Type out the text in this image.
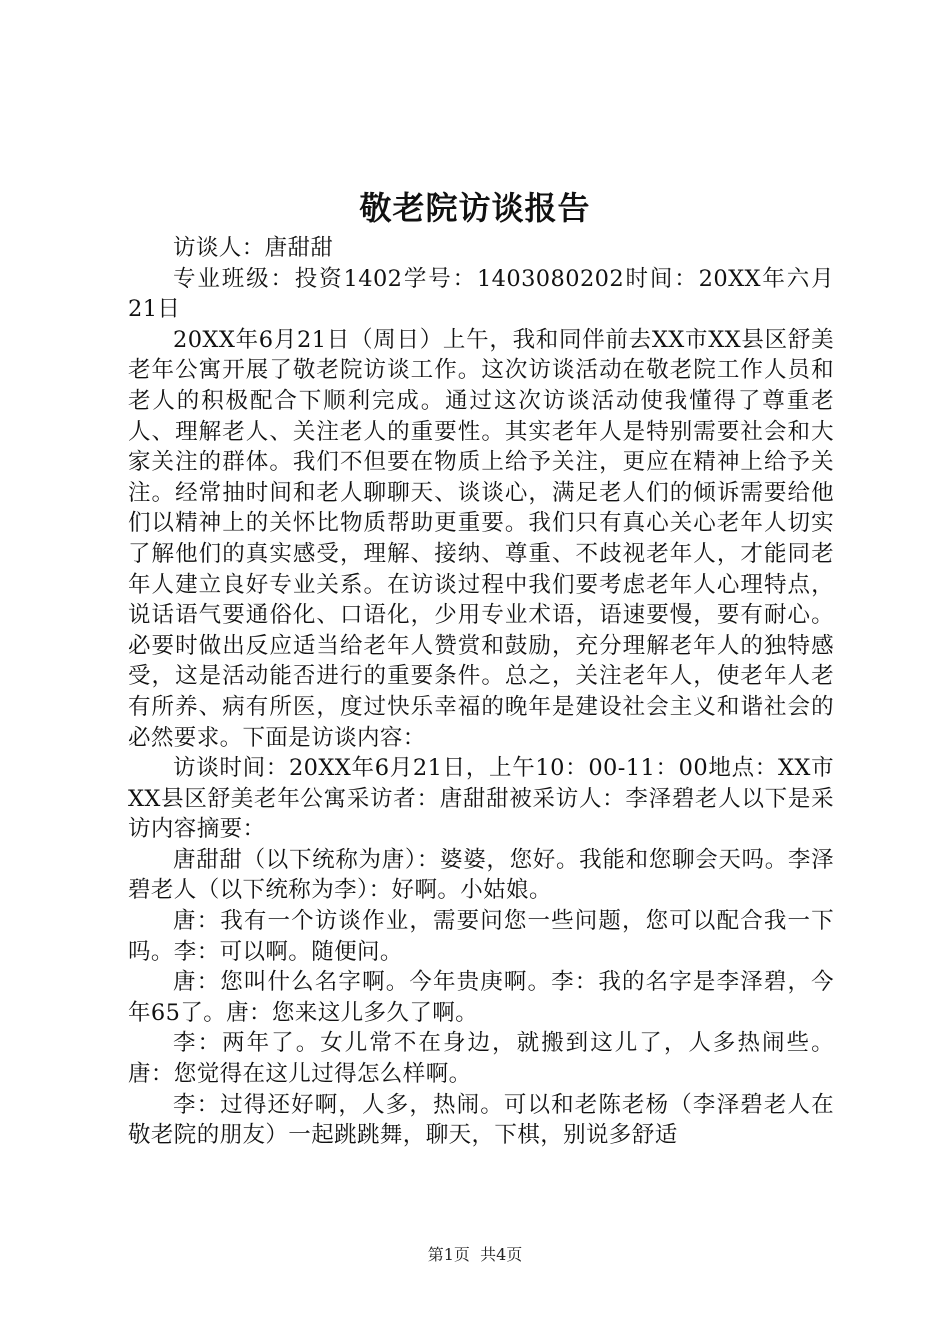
敬老院访谈报告

访谈人：唐甜甜

专业班级：投资1402学号：1403080202时间：20XX年六月21日

20XX年6月21日（周日）上午，我和同伴前去XX市XX县区舒美老年公寓开展了敬老院访谈工作。这次访谈活动在敬老院工作人员和老人的积极配合下顺利完成。通过这次访谈活动使我懂得了尊重老人、理解老人、关注老人的重要性。其实老年人是特别需要社会和大家关注的群体。我们不但要在物质上给予关注，更应在精神上给予关注。经常抽时间和老人聊聊天、谈谈心，满足老人们的倾诉需要给他们以精神上的关怀比物质帮助更重要。我们只有真心关心老年人切实了解他们的真实感受，理解、接纳、尊重、不歧视老年人，才能同老年人建立良好专业关系。在访谈过程中我们要考虑老年人心理特点，说话语气要通俗化、口语化，少用专业术语，语速要慢，要有耐心。必要时做出反应适当给老年人赞赏和鼓励，充分理解老年人的独特感受，这是活动能否进行的重要条件。总之，关注老年人，使老年人老有所养、病有所医，度过快乐幸福的晚年是建设社会主义和谐社会的必然要求。下面是访谈内容：

访谈时间：20XX年6月21日，上午10：00-11：00地点：XX市XX县区舒美老年公寓采访者：唐甜甜被采访人：李泽碧老人以下是采访内容摘要：

唐甜甜（以下统称为唐）：婆婆，您好。我能和您聊会天吗。李泽碧老人（以下统称为李）：好啊。小姑娘。

唐：我有一个访谈作业，需要问您一些问题，您可以配合我一下吗。李：可以啊。随便问。

唐：您叫什么名字啊。今年贵庚啊。李：我的名字是李泽碧，今年65了。唐：您来这儿多久了啊。

李：两年了。女儿常不在身边，就搬到这儿了，人多热闹些。唐：您觉得在这儿过得怎么样啊。

李：过得还好啊，人多，热闹。可以和老陈老杨（李泽碧老人在敬老院的朋友）一起跳跳舞，聊天，下棋，别说多舒适

第1页 共4页
